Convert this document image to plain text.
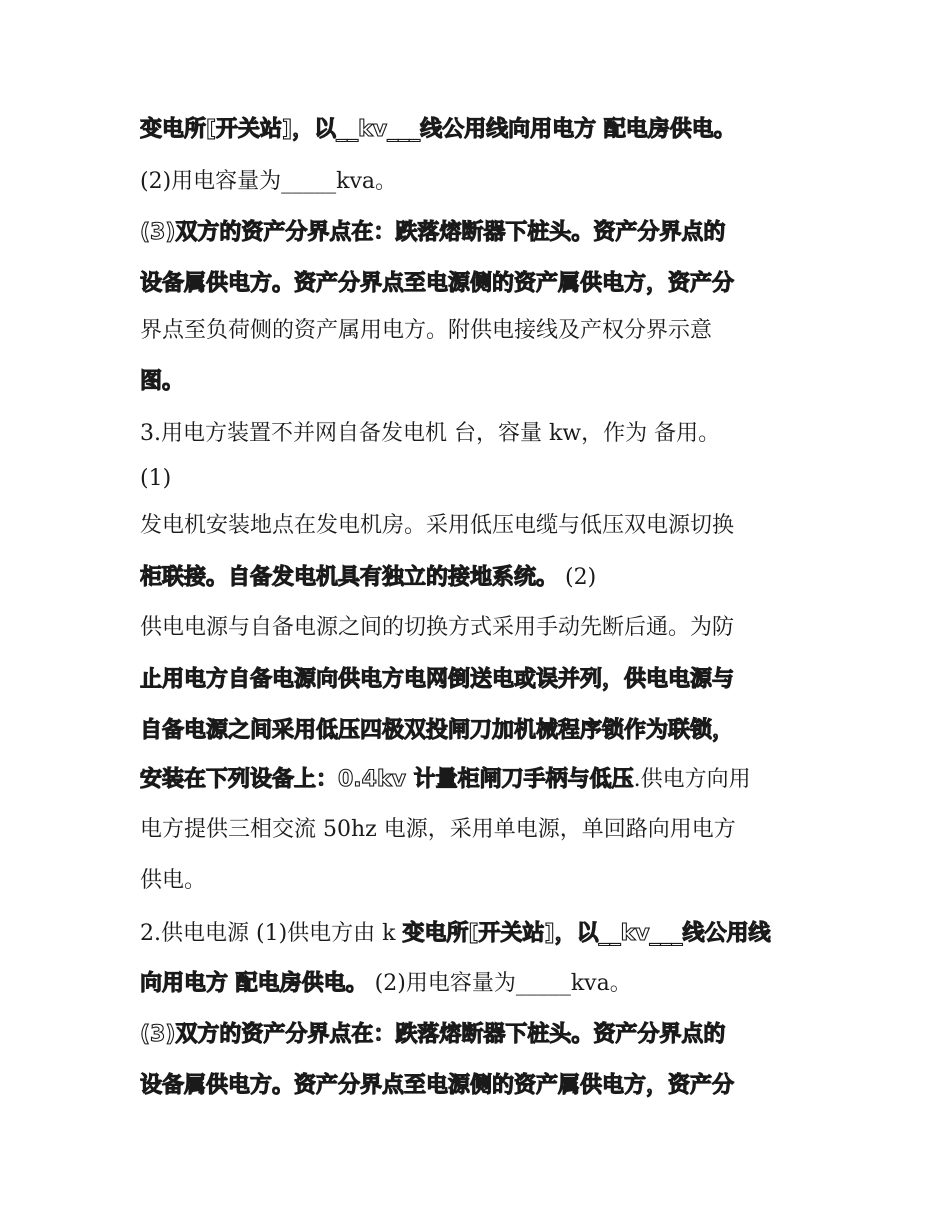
变电所[开关站]，以__kv___线公用线向用电方 配电房供电。
(2)用电容量为_____kva。
(3)双方的资产分界点在：跌落熔断器下桩头。资产分界点的
设备属供电方。资产分界点至电源侧的资产属供电方，资产分
界点至负荷侧的资产属用电方。附供电接线及产权分界示意
图。
3.用电方装置不并网自备发电机 台，容量 kw，作为 备用。
(1)
发电机安装地点在发电机房。采用低压电缆与低压双电源切换
柜联接。自备发电机具有独立的接地系统。 (2)
供电电源与自备电源之间的切换方式采用手动先断后通。为防
止用电方自备电源向供电方电网倒送电或误并列，供电电源与
自备电源之间采用低压四极双投闸刀加机械程序锁作为联锁，
安装在下列设备上：0.4kv 计量柜闸刀手柄与低压.供电方向用
电方提供三相交流 50hz 电源，采用单电源，单回路向用电方
供电。
2.供电电源 (1)供电方由 k 变电所[开关站]，以__kv___线公用线
向用电方 配电房供电。 (2)用电容量为_____kva。
(3)双方的资产分界点在：跌落熔断器下桩头。资产分界点的
设备属供电方。资产分界点至电源侧的资产属供电方，资产分
